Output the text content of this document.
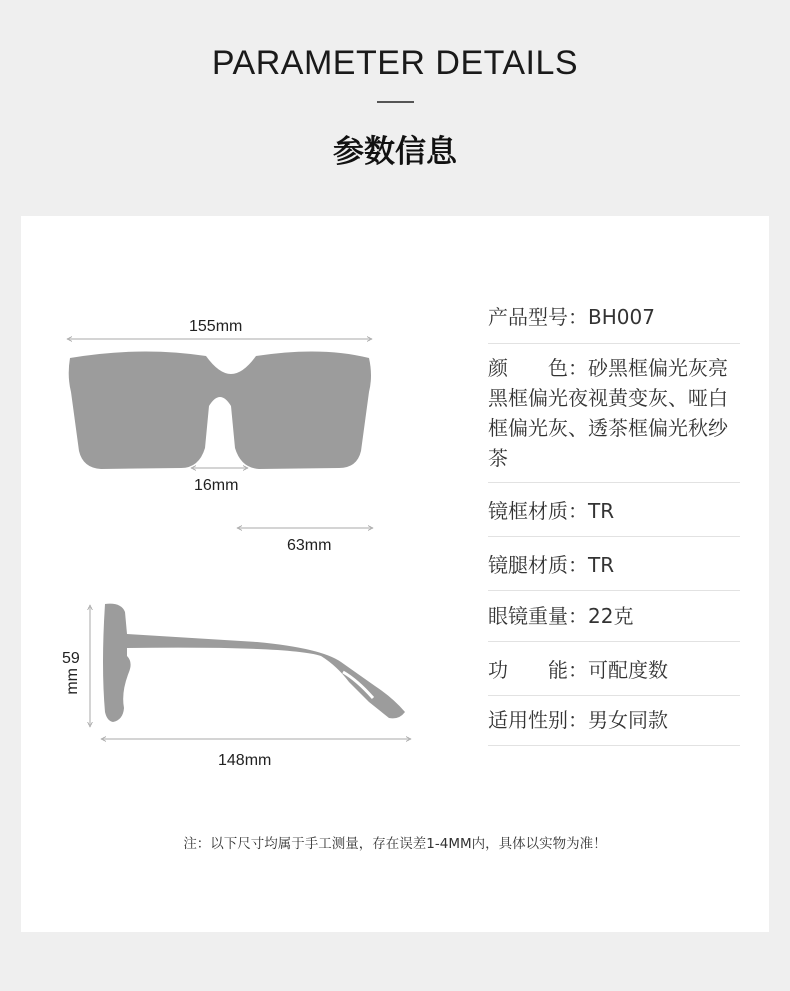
PARAMETER DETAILS
参数信息
155mm
16mm
63mm
59
mm
148mm
产品型号：BH007
颜　　色：砂黑框偏光灰亮黑框偏光夜视黄变灰、哑白框偏光灰、透茶框偏光秋纱茶
镜框材质：TR
镜腿材质：TR
眼镜重量：22克
功　　能：可配度数
适用性别：男女同款
注：以下尺寸均属于手工测量，存在误差1-4MM内，具体以实物为准！
